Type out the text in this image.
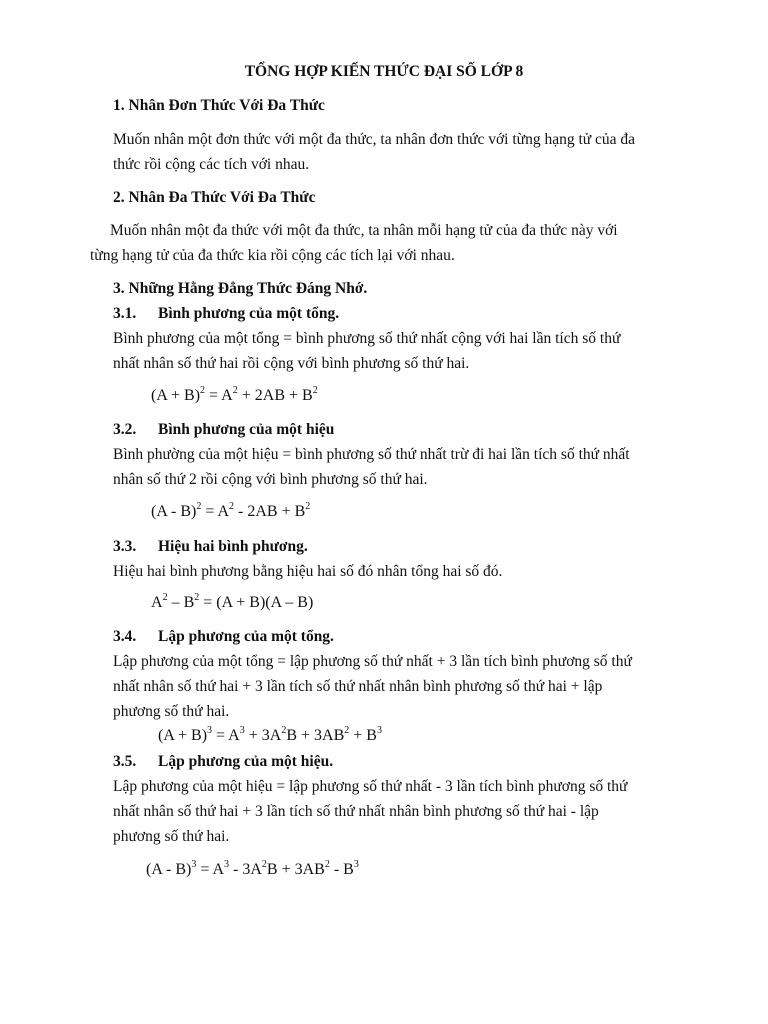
TỔNG HỢP KIẾN THỨC ĐẠI SỐ LỚP 8
1. Nhân Đơn Thức Với Đa Thức
Muốn nhân một đơn thức với một đa thức, ta nhân đơn thức với từng hạng tử của đa
thức rồi cộng các tích với nhau.
2. Nhân Đa Thức Với Đa Thức
Muốn nhân một đa thức với một đa thức, ta nhân mỗi hạng tử của đa thức này với
từng hạng tử của đa thức kia rồi cộng các tích lại với nhau.
3. Những Hằng Đẳng Thức Đáng Nhớ.
3.1. Bình phương của một tổng.
Bình phương của một tổng = bình phương số thứ nhất cộng với hai lần tích số thứ
nhất nhân số thứ hai rồi cộng với bình phương số thứ hai.
$(A + B)^2 = A^2 + 2AB + B^2$
3.2. Bình phương của một hiệu
Bình phường của một hiệu = bình phương số thứ nhất trừ đi hai lần tích số thứ nhất
nhân số thứ 2 rồi cộng với bình phương số thứ hai.
$(A - B)^2 = A^2 - 2AB + B^2$
3.3. Hiệu hai bình phương.
Hiệu hai bình phương bằng hiệu hai số đó nhân tổng hai số đó.
$A^2 - B^2 = (A + B)(A - B)$
3.4. Lập phương của một tổng.
Lập phương của một tổng = lập phương số thứ nhất + 3 lần tích bình phương số thứ
nhất nhân số thứ hai + 3 lần tích số thứ nhất nhân bình phương số thứ hai + lập
phương số thứ hai.
$(A + B)^3 = A^3 + 3A^2B + 3AB^2 + B^3$
3.5. Lập phương của một hiệu.
Lập phương của một hiệu = lập phương số thứ nhất - 3 lần tích bình phương số thứ
nhất nhân số thứ hai + 3 lần tích số thứ nhất nhân bình phương số thứ hai - lập
phương số thứ hai.
$(A - B)^3 = A^3 - 3A^2B + 3AB^2 - B^3$
